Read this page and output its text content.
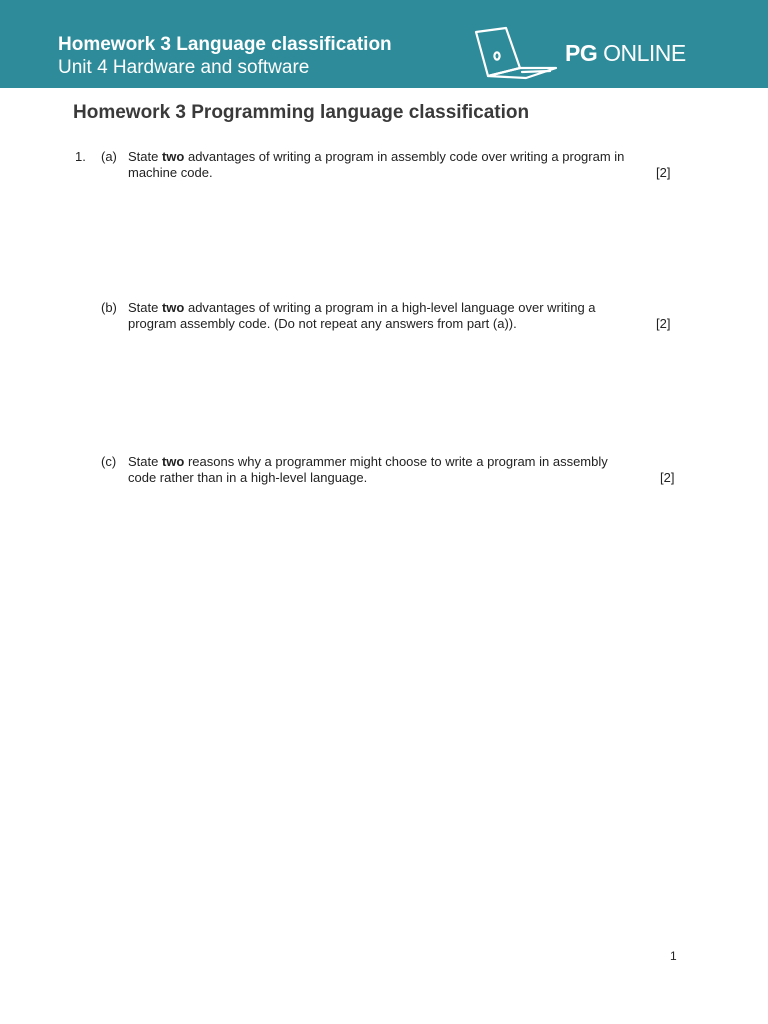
Homework 3 Language classification
Unit 4 Hardware and software
PG ONLINE
Homework 3 Programming language classification
1. (a) State two advantages of writing a program in assembly code over writing a program in
machine code.	[2]
(b) State two advantages of writing a program in a high-level language over writing a
program assembly code. (Do not repeat any answers from part (a)).	[2]
(c) State two reasons why a programmer might choose to write a program in assembly
code rather than in a high-level language.	[2]
1
